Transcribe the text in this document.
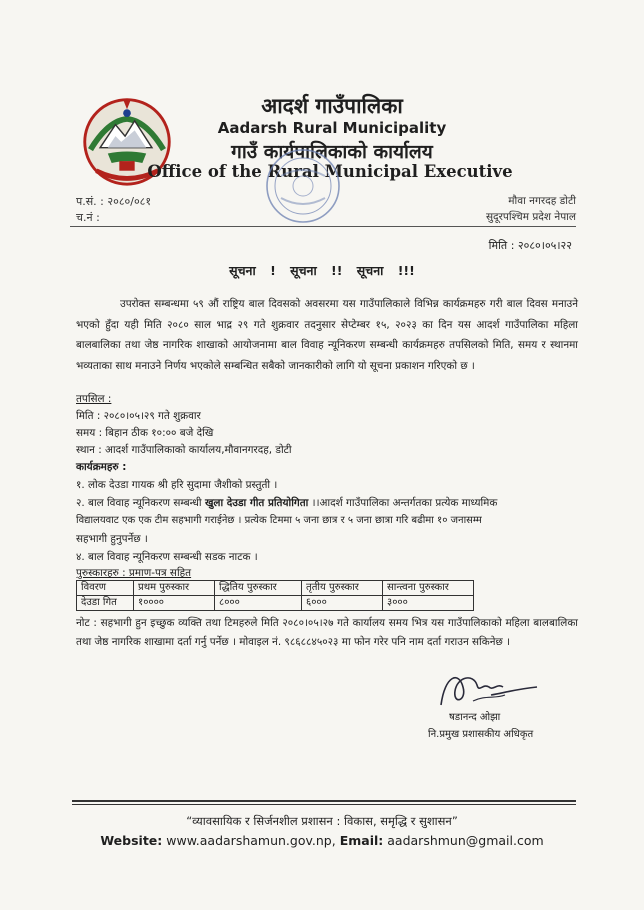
आदर्श गाउँपालिका
Aadarsh Rural Municipality
गाउँ कार्यपालिकाको कार्यालय
Office of the Rural Municipal Executive
प.सं. : २०८०/०८१
च.नं :
मौवा नगरदह डोटी
सुदूरपश्चिम प्रदेश नेपाल
मिति : २०८०।०५।२२
सूचना ! सूचना !! सूचना !!!
उपरोक्त सम्बन्धमा ५९ औं राष्ट्रिय बाल दिवसको अवसरमा यस गाउँपालिकाले विभिन्न कार्यक्रमहरु गरी बाल दिवस मनाउने भएको हुँदा यही मिति २०८० साल भाद्र २९ गते शुक्रवार तदनुसार सेप्टेम्बर १५, २०२३ का दिन यस आदर्श गाउँपालिका महिला बालबालिका तथा जेष्ठ नागरिक शाखाको आयोजनामा बाल विवाह न्यूनिकरण सम्बन्धी कार्यक्रमहरु तपसिलको मिति, समय र स्थानमा भव्यताका साथ मनाउने निर्णय भएकोले सम्बन्धित सबैको जानकारीको लागि यो सूचना प्रकाशन गरिएको छ ।
तपसिल :
मिति : २०८०।०५।२९ गते शुक्रवार
समय : बिहान ठीक १०:०० बजे देखि
स्थान : आदर्श गाउँपालिकाको कार्यालय,मौवानगरदह, डोटी
कार्यक्रमहरु :
१. लोक देउडा गायक श्री हरि सुदामा जैशीको प्रस्तुती ।
२. बाल विवाह न्यूनिकरण सम्बन्धी खुला देउडा गीत प्रतियोगिता ।।आदर्श गाउँपालिका अन्तर्गतका प्रत्येक माध्यमिक
विद्यालयवाट एक एक टीम सहभागी गराईनेछ । प्रत्येक टिममा ५ जना छात्र र ५ जना छात्रा गरि बढीमा १० जनासम्म
सहभागी हुनुपर्नेछ ।
४. बाल विवाह न्यूनिकरण सम्बन्धी सडक नाटक ।
पुरुस्कारहरु : प्रमाण-पत्र सहित
विवरण	प्रथम पुरुस्कार	द्धितिय पुरुस्कार	तृतीय पुरुस्कार	सान्त्वना पुरुस्कार
देउडा गित	१००००	८०००	६०००	३०००
नोट : सहभागी हुन इच्छुक व्यक्ति तथा टिमहरुले मिति २०८०।०५।२७ गते कार्यालय समय भित्र यस गाउँपालिकाको महिला बालबालिका तथा जेष्ठ नागरिक शाखामा दर्ता गर्नु पर्नेछ । मोवाइल नं. ९८६८८४५०२३ मा फोन गरेर पनि नाम दर्ता गराउन सकिनेछ ।
षडानन्द ओझा
नि.प्रमुख प्रशासकीय अधिकृत
“व्यावसायिक र सिर्जनशील प्रशासन : विकास, समृद्धि र सुशासन”
Website: www.aadarshamun.gov.np, Email: aadarshmun@gmail.com
